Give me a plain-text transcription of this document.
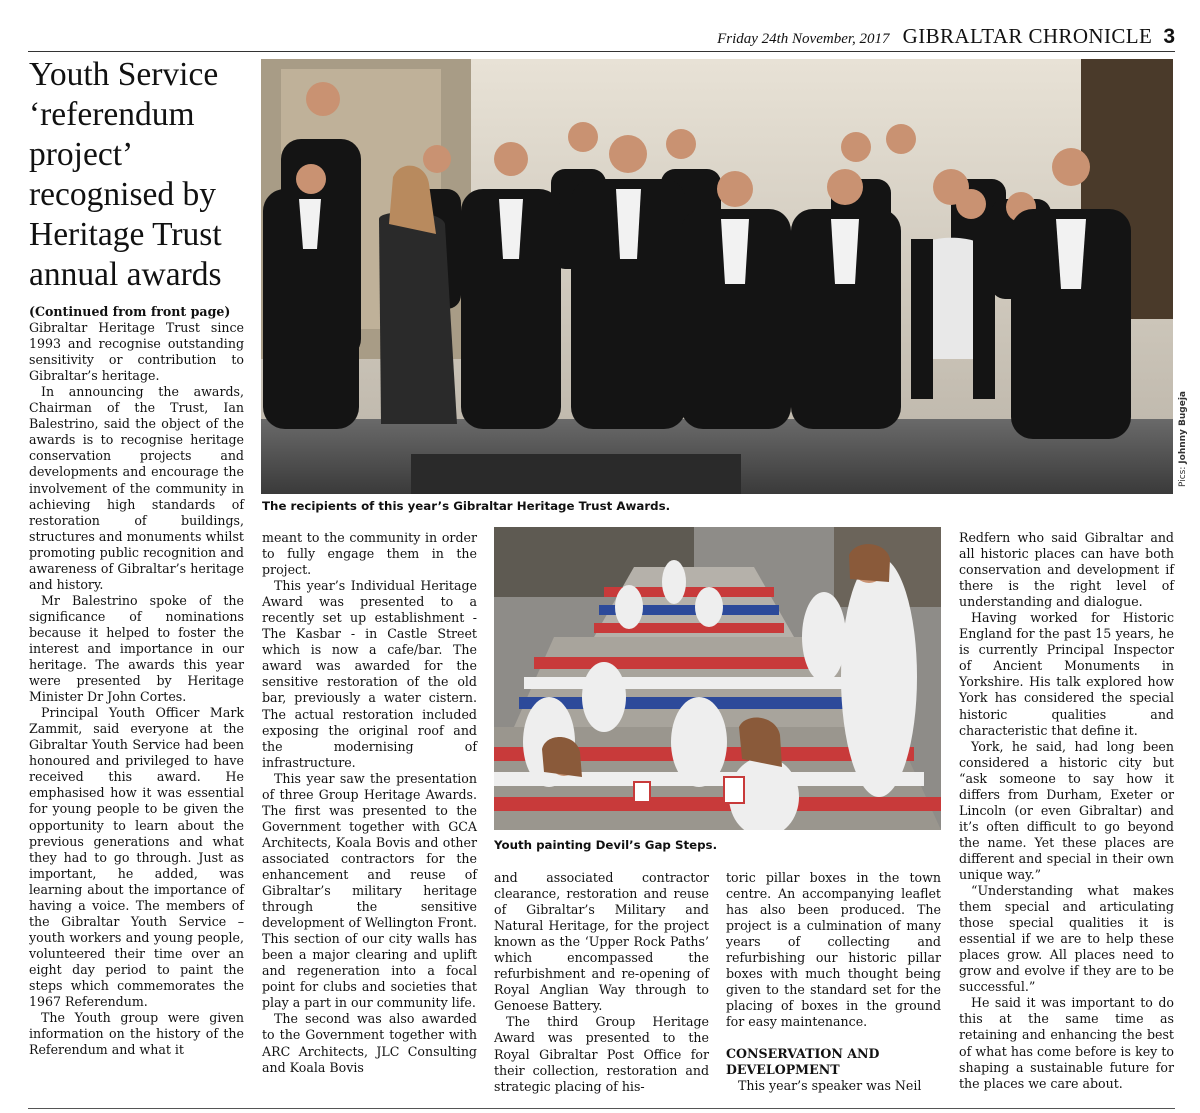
Friday 24th November, 2017 GIBRALTAR CHRONICLE 3
Youth Service ‘referendum project’ recognised by Heritage Trust annual awards

(Continued from front page)

Gibraltar Heritage Trust since 1993 and recognise outstanding sensitivity or contribution to Gibraltar’s heritage.

In announcing the awards, Chairman of the Trust, Ian Balestrino, said the object of the awards is to recognise heritage conservation projects and developments and encourage the involvement of the community in achieving high standards of restoration of buildings, structures and monuments whilst promoting public recognition and awareness of Gibraltar’s heritage and history.

Mr Balestrino spoke of the significance of nominations because it helped to foster the interest and importance in our heritage. The awards this year were presented by Heritage Minister Dr John Cortes.

Principal Youth Officer Mark Zammit, said everyone at the Gibraltar Youth Service had been honoured and privileged to have received this award. He emphasised how it was essential for young people to be given the opportunity to learn about the previous generations and what they had to go through. Just as important, he added, was learning about the importance of having a voice. The members of the Gibraltar Youth Service – youth workers and young people, volunteered their time over an eight day period to paint the steps which commemorates the 1967 Referendum.

The Youth group were given information on the history of the Referendum and what it

Pics: Johnny Bugeja
The recipients of this year’s Gibraltar Heritage Trust Awards.

meant to the community in order to fully engage them in the project.

This year’s Individual Heritage Award was presented to a recently set up establishment - The Kasbar - in Castle Street which is now a cafe/bar. The award was awarded for the sensitive restoration of the old bar, previously a water cistern. The actual restoration included exposing the original roof and the modernising of infrastructure.

This year saw the presentation of three Group Heritage Awards. The first was presented to the Government together with GCA Architects, Koala Bovis and other associated contractors for the enhancement and reuse of Gibraltar’s military heritage through the sensitive development of Wellington Front. This section of our city walls has been a major clearing and uplift and regeneration into a focal point for clubs and societies that play a part in our community life.

The second was also awarded to the Government together with ARC Architects, JLC Consulting and Koala Bovis

Youth painting Devil’s Gap Steps.

and associated contractor clearance, restoration and reuse of Gibraltar’s Military and Natural Heritage, for the project known as the ‘Upper Rock Paths’ which encompassed the refurbishment and re-opening of Royal Anglian Way through to Genoese Battery.

The third Group Heritage Award was presented to the Royal Gibraltar Post Office for their collection, restoration and strategic placing of his-

toric pillar boxes in the town centre. An accompanying leaflet has also been produced. The project is a culmination of many years of collecting and refurbishing our historic pillar boxes with much thought being given to the standard set for the placing of boxes in the ground for easy maintenance.

CONSERVATION AND DEVELOPMENT

This year’s speaker was Neil

Redfern who said Gibraltar and all historic places can have both conservation and development if there is the right level of understanding and dialogue.

Having worked for Historic England for the past 15 years, he is currently Principal Inspector of Ancient Monuments in Yorkshire. His talk explored how York has considered the special historic qualities and characteristic that define it.

York, he said, had long been considered a historic city but “ask someone to say how it differs from Durham, Exeter or Lincoln (or even Gibraltar) and it’s often difficult to go beyond the name. Yet these places are different and special in their own unique way.”

“Understanding what makes them special and articulating those special qualities it is essential if we are to help these places grow. All places need to grow and evolve if they are to be successful.”

He said it was important to do this at the same time as retaining and enhancing the best of what has come before is key to shaping a sustainable future for the places we care about.
